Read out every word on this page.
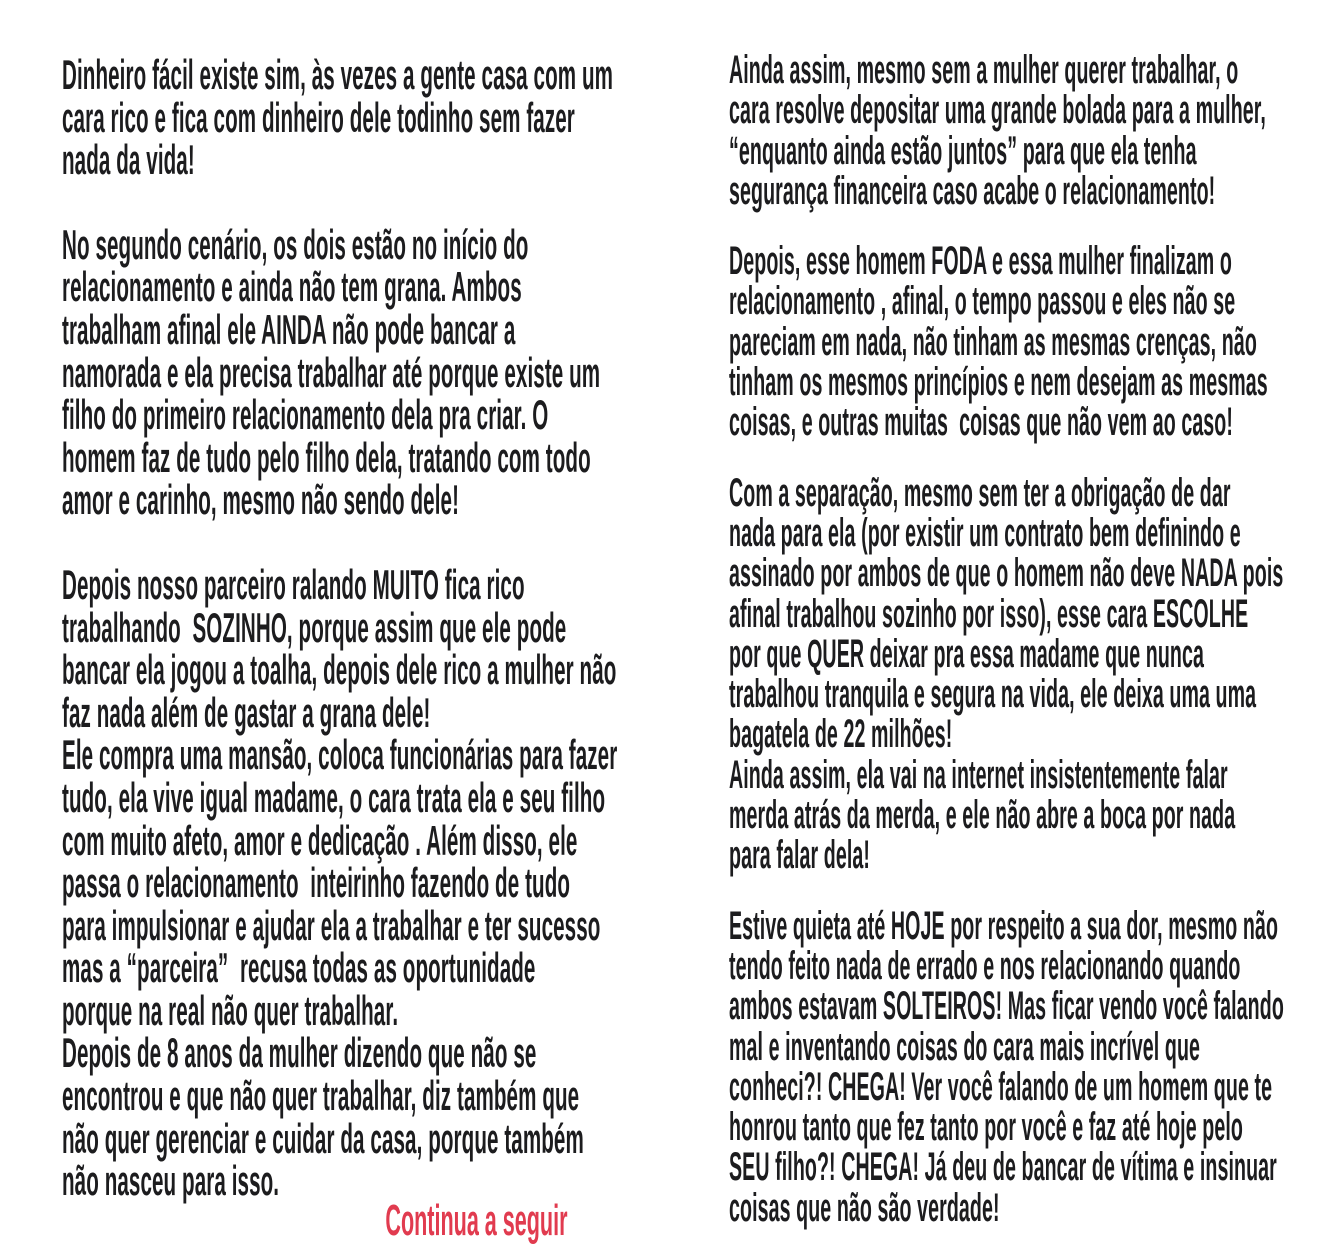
Dinheiro fácil existe sim, às vezes a gente casa com um
cara rico e fica com dinheiro dele todinho sem fazer
nada da vida!
No segundo cenário, os dois estão no início do
relacionamento e ainda não tem grana. Ambos
trabalham afinal ele AINDA não pode bancar a
namorada e ela precisa trabalhar até porque existe um
filho do primeiro relacionamento dela pra criar. O
homem faz de tudo pelo filho dela, tratando com todo
amor e carinho, mesmo não sendo dele!
Depois nosso parceiro ralando MUITO fica rico
trabalhando  SOZINHO, porque assim que ele pode
bancar ela jogou a toalha, depois dele rico a mulher não
faz nada além de gastar a grana dele!
Ele compra uma mansão, coloca funcionárias para fazer
tudo, ela vive igual madame, o cara trata ela e seu filho
com muito afeto, amor e dedicação . Além disso, ele
passa o relacionamento  inteirinho fazendo de tudo
para impulsionar e ajudar ela a trabalhar e ter sucesso
mas a “parceira”  recusa todas as oportunidade
porque na real não quer trabalhar.
Depois de 8 anos da mulher dizendo que não se
encontrou e que não quer trabalhar, diz também que
não quer gerenciar e cuidar da casa, porque também
não nasceu para isso.
Continua a seguir
Ainda assim, mesmo sem a mulher querer trabalhar, o
cara resolve depositar uma grande bolada para a mulher,
“enquanto ainda estão juntos” para que ela tenha
segurança financeira caso acabe o relacionamento!
Depois, esse homem FODA e essa mulher finalizam o
relacionamento , afinal, o tempo passou e eles não se
pareciam em nada, não tinham as mesmas crenças, não
tinham os mesmos princípios e nem desejam as mesmas
coisas, e outras muitas  coisas que não vem ao caso!
Com a separação, mesmo sem ter a obrigação de dar
nada para ela (por existir um contrato bem definindo e
assinado por ambos de que o homem não deve NADA pois
afinal trabalhou sozinho por isso), esse cara ESCOLHE
por que QUER deixar pra essa madame que nunca
trabalhou tranquila e segura na vida, ele deixa uma uma
bagatela de 22 milhões!
Ainda assim, ela vai na internet insistentemente falar
merda atrás da merda, e ele não abre a boca por nada
para falar dela!
Estive quieta até HOJE por respeito a sua dor, mesmo não
tendo feito nada de errado e nos relacionando quando
ambos estavam SOLTEIROS! Mas ficar vendo você falando
mal e inventando coisas do cara mais incrível que
conheci?! CHEGA! Ver você falando de um homem que te
honrou tanto que fez tanto por você e faz até hoje pelo
SEU filho?! CHEGA! Já deu de bancar de vítima e insinuar
coisas que não são verdade!
